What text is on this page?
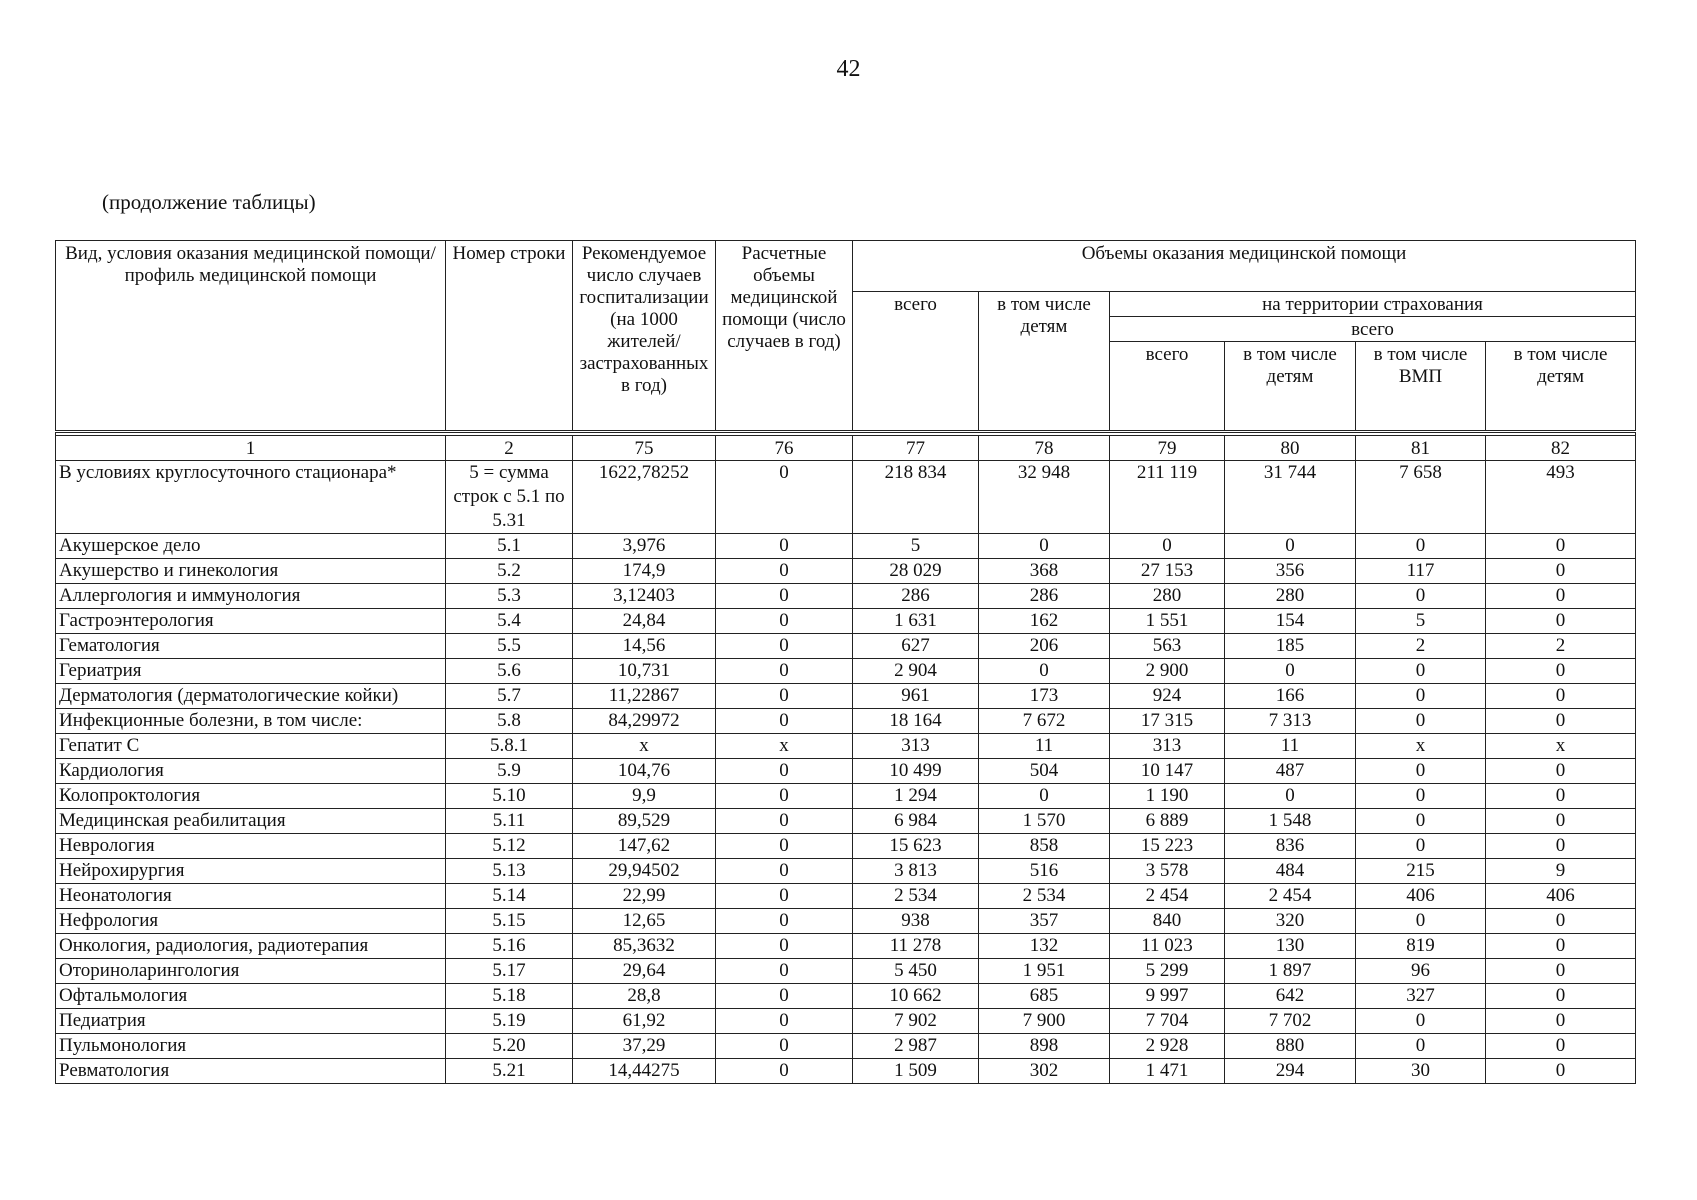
42
(продолжение таблицы)
Вид, условия оказания медицинской помощи/ профиль медицинской помощи	Номер строки	Рекомендуемое число случаев госпитализации (на 1000 жителей/ застрахованных в год)	Расчетные объемы медицинской помощи (число случаев в год)	Объемы оказания медицинской помощи					
				всего	в том числе детям	на территории страхования			
						всего			
						всего	в том числе детям	в том числе ВМП	в том числе детям

1	2	75	76	77	78	79	80	81	82
В условиях круглосуточного стационара*	5 = сумма строк с 5.1 по 5.31	1622,78252	0	218 834	32 948	211 119	31 744	7 658	493
Акушерское дело	5.1	3,976	0	5	0	0	0	0	0
Акушерство и гинекология	5.2	174,9	0	28 029	368	27 153	356	117	0
Аллергология и иммунология	5.3	3,12403	0	286	286	280	280	0	0
Гастроэнтерология	5.4	24,84	0	1 631	162	1 551	154	5	0
Гематология	5.5	14,56	0	627	206	563	185	2	2
Гериатрия	5.6	10,731	0	2 904	0	2 900	0	0	0
Дерматология (дерматологические койки)	5.7	11,22867	0	961	173	924	166	0	0
Инфекционные болезни, в том числе:	5.8	84,29972	0	18 164	7 672	17 315	7 313	0	0
Гепатит С	5.8.1	х	х	313	11	313	11	х	х
Кардиология	5.9	104,76	0	10 499	504	10 147	487	0	0
Колопроктология	5.10	9,9	0	1 294	0	1 190	0	0	0
Медицинская реабилитация	5.11	89,529	0	6 984	1 570	6 889	1 548	0	0
Неврология	5.12	147,62	0	15 623	858	15 223	836	0	0
Нейрохирургия	5.13	29,94502	0	3 813	516	3 578	484	215	9
Неонатология	5.14	22,99	0	2 534	2 534	2 454	2 454	406	406
Нефрология	5.15	12,65	0	938	357	840	320	0	0
Онкология, радиология, радиотерапия	5.16	85,3632	0	11 278	132	11 023	130	819	0
Оториноларингология	5.17	29,64	0	5 450	1 951	5 299	1 897	96	0
Офтальмология	5.18	28,8	0	10 662	685	9 997	642	327	0
Педиатрия	5.19	61,92	0	7 902	7 900	7 704	7 702	0	0
Пульмонология	5.20	37,29	0	2 987	898	2 928	880	0	0
Ревматология	5.21	14,44275	0	1 509	302	1 471	294	30	0
